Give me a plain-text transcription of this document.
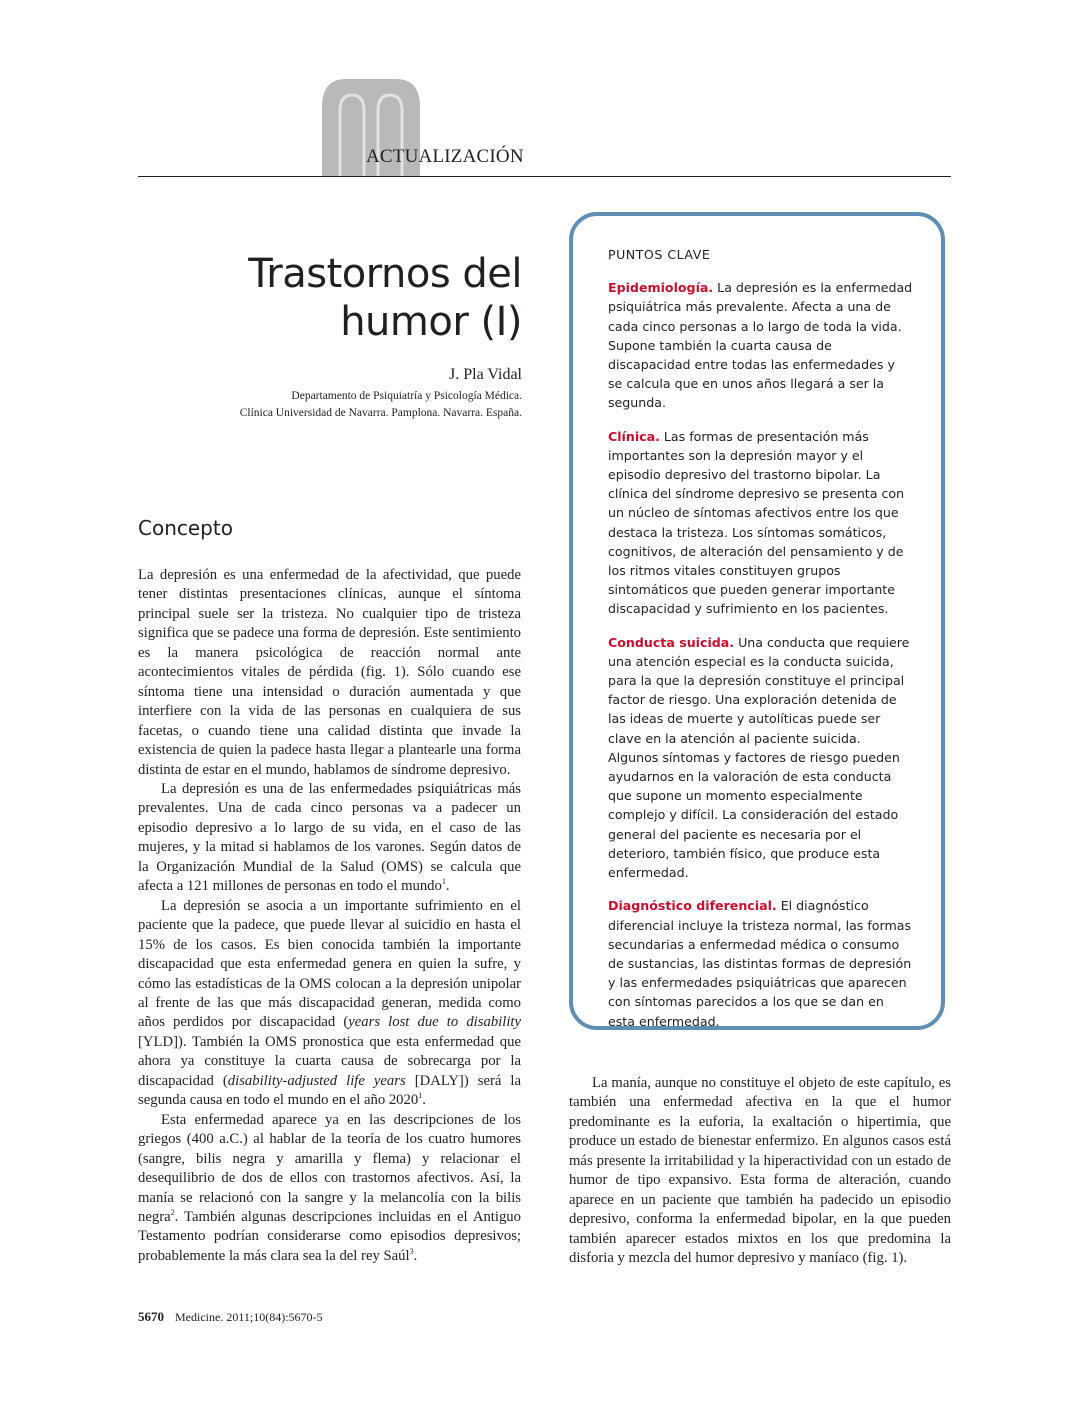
ACTUALIZACIÓN
Trastornos del
humor (I)
J. Pla Vidal
Departamento de Psiquiatría y Psicología Médica.
Clínica Universidad de Navarra. Pamplona. Navarra. España.
Concepto

La depresión es una enfermedad de la afectividad, que puede tener distintas presentaciones clínicas, aunque el síntoma principal suele ser la tristeza. No cualquier tipo de tristeza significa que se padece una forma de depresión. Este sentimiento es la manera psicológica de reacción normal ante acontecimientos vitales de pérdida (fig. 1). Sólo cuando ese síntoma tiene una intensidad o duración aumentada y que interfiere con la vida de las personas en cualquiera de sus facetas, o cuando tiene una calidad distinta que invade la existencia de quien la padece hasta llegar a plantearle una forma distinta de estar en el mundo, hablamos de síndrome depresivo.

La depresión es una de las enfermedades psiquiátricas más prevalentes. Una de cada cinco personas va a padecer un episodio depresivo a lo largo de su vida, en el caso de las mujeres, y la mitad si hablamos de los varones. Según datos de la Organización Mundial de la Salud (OMS) se calcula que afecta a 121 millones de personas en todo el mundo$^1$.

La depresión se asocia a un importante sufrimiento en el paciente que la padece, que puede llevar al suicidio en hasta el 15% de los casos. Es bien conocida también la importante discapacidad que esta enfermedad genera en quien la sufre, y cómo las estadísticas de la OMS colocan a la depresión unipolar al frente de las que más discapacidad generan, medida como años perdidos por discapacidad (years lost due to disability [YLD]). También la OMS pronostica que esta enfermedad que ahora ya constituye la cuarta causa de sobrecarga por la discapacidad (disability-adjusted life years [DALY]) será la segunda causa en todo el mundo en el año 2020$^1$.

Esta enfermedad aparece ya en las descripciones de los griegos (400 a.C.) al hablar de la teoría de los cuatro humores (sangre, bilis negra y amarilla y flema) y relacionar el desequilibrio de dos de ellos con trastornos afectivos. Así, la manía se relacionó con la sangre y la melancolía con la bilis negra$^2$. También algunas descripciones incluidas en el Antiguo Testamento podrían considerarse como episodios depresivos; probablemente la más clara sea la del rey Saúl$^3$.

PUNTOS CLAVE
Epidemiología. La depresión es la enfermedad psiquiátrica más prevalente. Afecta a una de cada cinco personas a lo largo de toda la vida. Supone también la cuarta causa de discapacidad entre todas las enfermedades y se calcula que en unos años llegará a ser la segunda.
Clínica. Las formas de presentación más importantes son la depresión mayor y el episodio depresivo del trastorno bipolar. La clínica del síndrome depresivo se presenta con un núcleo de síntomas afectivos entre los que destaca la tristeza. Los síntomas somáticos, cognitivos, de alteración del pensamiento y de los ritmos vitales constituyen grupos sintomáticos que pueden generar importante discapacidad y sufrimiento en los pacientes.
Conducta suicida. Una conducta que requiere una atención especial es la conducta suicida, para la que la depresión constituye el principal factor de riesgo. Una exploración detenida de las ideas de muerte y autolíticas puede ser clave en la atención al paciente suicida. Algunos síntomas y factores de riesgo pueden ayudarnos en la valoración de esta conducta que supone un momento especialmente complejo y difícil. La consideración del estado general del paciente es necesaria por el deterioro, también físico, que produce esta enfermedad.
Diagnóstico diferencial. El diagnóstico diferencial incluye la tristeza normal, las formas secundarias a enfermedad médica o consumo de sustancias, las distintas formas de depresión y las enfermedades psiquiátricas que aparecen con síntomas parecidos a los que se dan en esta enfermedad.

La manía, aunque no constituye el objeto de este capítulo, es también una enfermedad afectiva en la que el humor predominante es la euforia, la exaltación o hipertimia, que produce un estado de bienestar enfermizo. En algunos casos está más presente la irritabilidad y la hiperactividad con un estado de humor de tipo expansivo. Esta forma de alteración, cuando aparece en un paciente que también ha padecido un episodio depresivo, conforma la enfermedad bipolar, en la que pueden también aparecer estados mixtos en los que predomina la disforia y mezcla del humor depresivo y maníaco (fig. 1).

5670 Medicine. 2011;10(84):5670-5
